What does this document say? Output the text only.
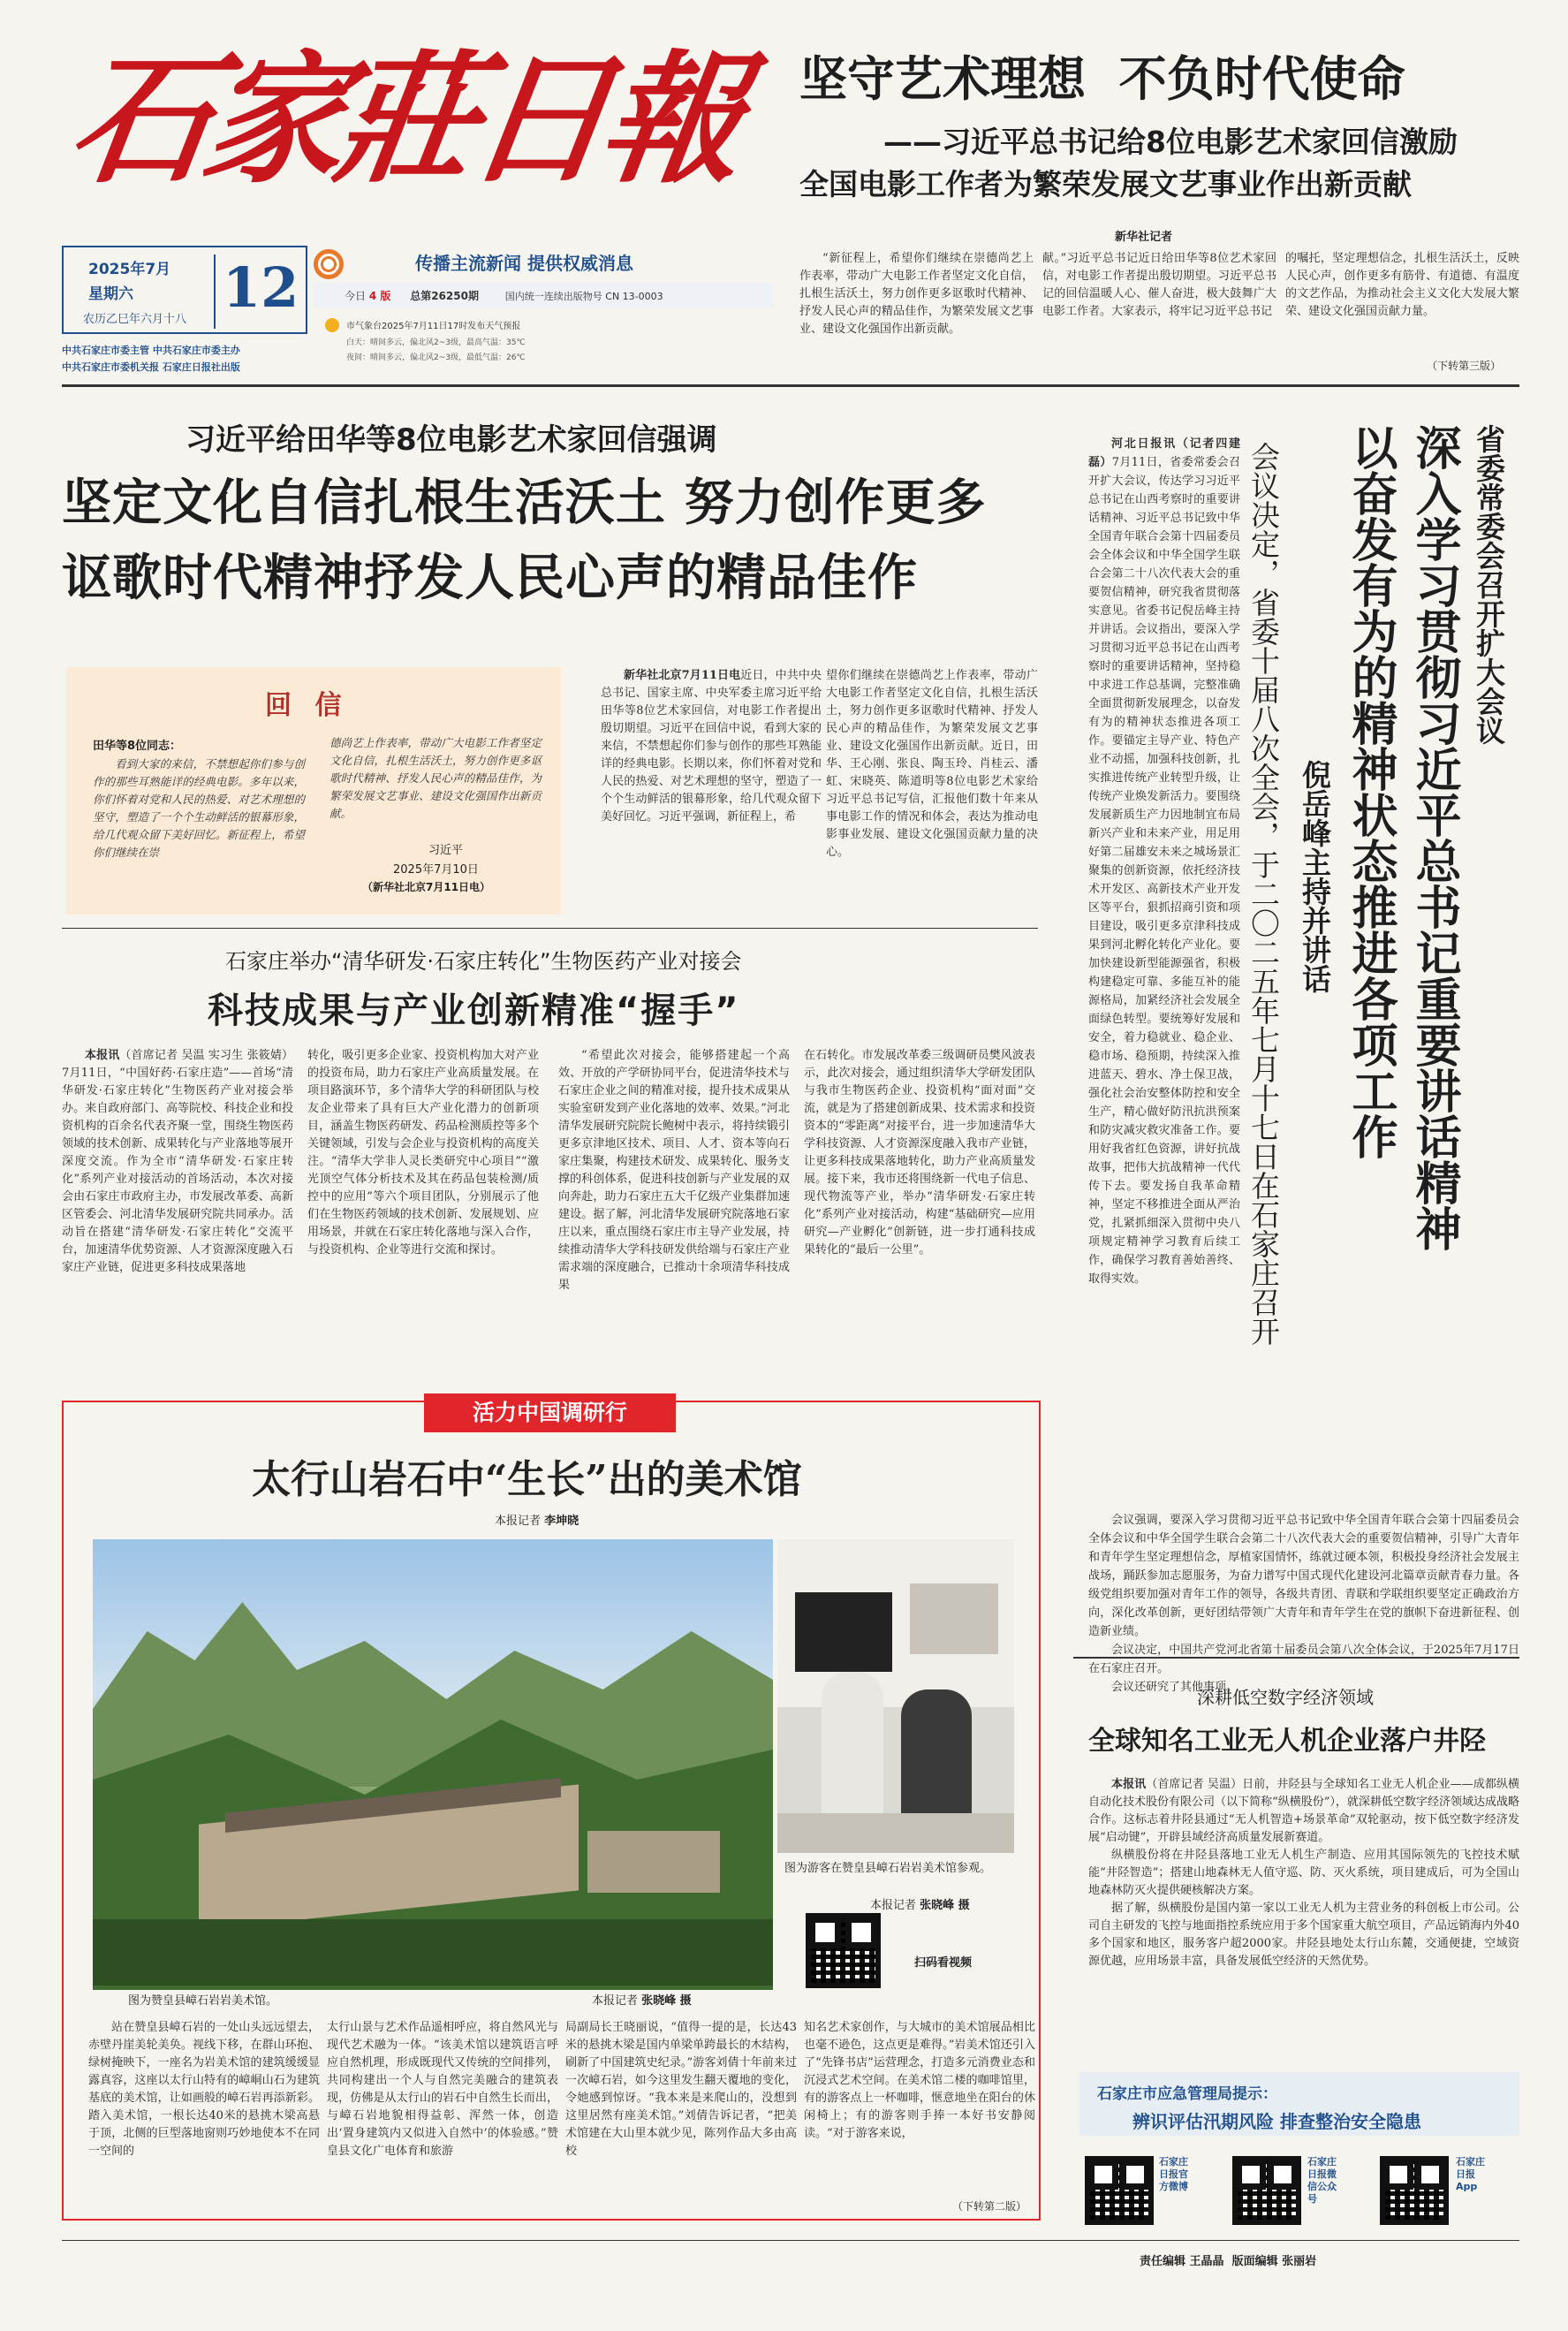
石家莊日報	坚守艺术理想  不负时代使命
——习近平总书记给8位电影艺术家回信激励
全国电影工作者为繁荣发展文艺事业作出新贡献
新华社记者
2025年7月
星期六
农历乙巳年六月十八 12
中共石家庄市委主管 中共石家庄市委主办
中共石家庄市委机关报 石家庄日报社出版
传播主流新闻 提供权威消息
今日 4 版 总第26250期	国内统一连续出版物号 CN 13-0003
市气象台2025年7月11日17时发布天气预报
白天：晴间多云，偏北风2~3级，最高气温：35℃
夜间：晴间多云，偏北风2~3级，最低气温：26℃
“新征程上，希望你们继续在崇德尚艺上作表率，带动广大电影工作者坚定文化自信，扎根生活沃土，努力创作更多讴歌时代精神、抒发人民心声的精品佳作，为繁荣发展文艺事业、建设文化强国作出新贡献。
献。”习近平总书记近日给田华等8位艺术家回信，对电影工作者提出殷切期望。习近平总书记的回信温暖人心、催人奋进，极大鼓舞广大电影工作者。大家表示，将牢记习近平总书记
的嘱托，坚定理想信念，扎根生活沃土，反映人民心声，创作更多有筋骨、有道德、有温度的文艺作品，为推动社会主义文化大发展大繁荣、建设文化强国贡献力量。
（下转第三版）
习近平给田华等8位电影艺术家回信强调
坚定文化自信扎根生活沃土 努力创作更多
讴歌时代精神抒发人民心声的精品佳作
回 信
田华等8位同志：
看到大家的来信，不禁想起你们参与创作的那些耳熟能详的经典电影。多年以来，你们怀着对党和人民的热爱、对艺术理想的坚守，塑造了一个个生动鲜活的银幕形象，给几代观众留下美好回忆。新征程上，希望你们继续在崇
德尚艺上作表率，带动广大电影工作者坚定文化自信，扎根生活沃土，努力创作更多讴歌时代精神、抒发人民心声的精品佳作，为繁荣发展文艺事业、建设文化强国作出新贡献。
习近平
2025年7月10日
（新华社北京7月11日电）
新华社北京7月11日电近日，中共中央总书记、国家主席、中央军委主席习近平给田华等8位艺术家回信，对电影工作者提出殷切期望。习近平在回信中说，看到大家的来信，不禁想起你们参与创作的那些耳熟能详的经典电影。长期以来，你们怀着对党和人民的热爱、对艺术理想的坚守，塑造了一个个生动鲜活的银幕形象，给几代观众留下美好回忆。习近平强调，新征程上，希
望你们继续在崇德尚艺上作表率，带动广大电影工作者坚定文化自信，扎根生活沃土，努力创作更多讴歌时代精神、抒发人民心声的精品佳作，为繁荣发展文艺事业、建设文化强国作出新贡献。近日，田华、王心刚、张良、陶玉玲、肖桂云、潘虹、宋晓英、陈道明等8位电影艺术家给习近平总书记写信，汇报他们数十年来从事电影工作的情况和体会，表达为推动电影事业发展、建设文化强国贡献力量的决心。
省委常委会召开扩大会议
深入学习贯彻习近平总书记重要讲话精神
以奋发有为的精神状态推进各项工作
倪岳峰主持并讲话
会议决定，省委十届八次全会，于二〇二五年七月十七日在石家庄召开
河北日报讯（记者四建磊）7月11日，省委常委会召开扩大会议，传达学习习近平总书记在山西考察时的重要讲话精神、习近平总书记致中华全国青年联合会第十四届委员会全体会议和中华全国学生联合会第二十八次代表大会的重要贺信精神，研究我省贯彻落实意见。省委书记倪岳峰主持并讲话。会议指出，要深入学习贯彻习近平总书记在山西考察时的重要讲话精神，坚持稳中求进工作总基调，完整准确全面贯彻新发展理念，以奋发有为的精神状态推进各项工作。要锚定主导产业、特色产业不动摇，加强科技创新，扎实推进传统产业转型升级，让传统产业焕发新活力。要围绕发展新质生产力因地制宜布局新兴产业和未来产业，用足用好第二届雄安未来之城场景汇聚集的创新资源，依托经济技术开发区、高新技术产业开发区等平台，狠抓招商引资和项目建设，吸引更多京津科技成果到河北孵化转化产业化。要加快建设新型能源强省，积极构建稳定可靠、多能互补的能源格局，加紧经济社会发展全面绿色转型。要统筹好发展和安全，着力稳就业、稳企业、稳市场、稳预期，持续深入推进蓝天、碧水、净土保卫战，强化社会治安整体防控和安全生产，精心做好防汛抗洪预案和防灾减灾救灾准备工作。要用好我省红色资源，讲好抗战故事，把伟大抗战精神一代代传下去。要发扬自我革命精神，坚定不移推进全面从严治党，扎紧抓细深入贯彻中央八项规定精神学习教育后续工作，确保学习教育善始善终、取得实效。

会议强调，要深入学习贯彻习近平总书记致中华全国青年联合会第十四届委员会全体会议和中华全国学生联合会第二十八次代表大会的重要贺信精神，引导广大青年和青年学生坚定理想信念，厚植家国情怀，练就过硬本领，积极投身经济社会发展主战场，踊跃参加志愿服务，为奋力谱写中国式现代化建设河北篇章贡献青春力量。各级党组织要加强对青年工作的领导，各级共青团、青联和学联组织要坚定正确政治方向，深化改革创新，更好团结带领广大青年和青年学生在党的旗帜下奋进新征程、创造新业绩。

会议决定，中国共产党河北省第十届委员会第八次全体会议，于2025年7月17日在石家庄召开。

会议还研究了其他事项。

石家庄举办“清华研发·石家庄转化”生物医药产业对接会
科技成果与产业创新精准“握手”
本报讯（首席记者 吴温 实习生 张筱婧）7月11日，“中国好药·石家庄造”——首场“清华研发·石家庄转化”生物医药产业对接会举办。来自政府部门、高等院校、科技企业和投资机构的百余名代表齐聚一堂，围绕生物医药领域的技术创新、成果转化与产业落地等展开深度交流。作为全市“清华研发·石家庄转化”系列产业对接活动的首场活动，本次对接会由石家庄市政府主办，市发展改革委、高新区管委会、河北清华发展研究院共同承办。活动旨在搭建“清华研发·石家庄转化”交流平台，加速清华优势资源、人才资源深度融入石家庄产业链，促进更多科技成果落地
转化，吸引更多企业家、投资机构加大对产业的投资布局，助力石家庄产业高质量发展。在项目路演环节，多个清华大学的科研团队与校友企业带来了具有巨大产业化潜力的创新项目，涵盖生物医药研发、药品检测质控等多个关键领域，引发与会企业与投资机构的高度关注。“清华大学非人灵长类研究中心项目”“激光顶空气体分析技术及其在药品包装检测/质控中的应用”等六个项目团队，分别展示了他们在生物医药领域的技术创新、发展规划、应用场景，并就在石家庄转化落地与深入合作，与投资机构、企业等进行交流和探讨。
“希望此次对接会，能够搭建起一个高效、开放的产学研协同平台，促进清华技术与石家庄企业之间的精准对接，提升技术成果从实验室研发到产业化落地的效率、效果。”河北清华发展研究院院长鲍树中表示，将持续锻引更多京津地区技术、项目、人才、资本等向石家庄集聚，构建技术研发、成果转化、服务支撑的科创体系，促进科技创新与产业发展的双向奔赴，助力石家庄五大千亿级产业集群加速建设。据了解，河北清华发展研究院落地石家庄以来，重点围绕石家庄市主导产业发展，持续推动清华大学科技研发供给端与石家庄产业需求端的深度融合，已推动十余项清华科技成果
在石转化。市发展改革委三级调研员樊风波表示，此次对接会，通过组织清华大学研发团队与我市生物医药企业、投资机构“面对面”交流，就是为了搭建创新成果、技术需求和投资资本的“零距离”对接平台，进一步加速清华大学科技资源、人才资源深度融入我市产业链，让更多科技成果落地转化，助力产业高质量发展。接下来，我市还将围绕新一代电子信息、现代物流等产业，举办“清华研发·石家庄转化”系列产业对接活动，构建“基础研究—应用研究—产业孵化”创新链，进一步打通科技成果转化的“最后一公里”。
活力中国调研行
太行山岩石中“生长”出的美术馆
本报记者 李坤晓
图为赞皇县嶂石岩岩美术馆。	本报记者 张晓峰 摄
图为游客在赞皇县嶂石岩岩美术馆参观。
本报记者 张晓峰 摄
扫码看视频
站在赞皇县嶂石岩的一处山头远远望去，赤壁丹崖美轮美奂。视线下移，在群山环抱、绿树掩映下，一座名为岩美术馆的建筑缓缓显露真容，这座以太行山特有的嶂峒山石为建筑基底的美术馆，让如画般的嶂石岩再添新彩。踏入美术馆，一根长达40米的悬挑木梁高悬于顶，北侧的巨型落地窗则巧妙地使本不在同一空间的
太行山景与艺术作品遥相呼应，将自然风光与现代艺术融为一体。“该美术馆以建筑语言呼应自然机理，形成既现代又传统的空间排列，共同构建出一个人与自然完美融合的建筑表现，仿佛是从太行山的岩石中自然生长而出，与嶂石岩地貌相得益彰、浑然一体，创造出‘置身建筑内又似进入自然中’的体验感。”赞皇县文化广电体育和旅游
局副局长王晓丽说，“值得一提的是，长达43米的悬挑木梁是国内单梁单跨最长的木结构，刷新了中国建筑史纪录。”游客刘倩十年前来过一次嶂石岩，如今这里发生翻天覆地的变化，令她感到惊讶。“我本来是来爬山的，没想到这里居然有座美术馆。”刘倩告诉记者，“把美术馆建在大山里本就少见，陈列作品大多由高校
知名艺术家创作，与大城市的美术馆展品相比也毫不逊色，这点更是难得。”岩美术馆还引入了“先锋书店”运营理念，打造多元消费业态和沉浸式艺术空间。在美术馆二楼的咖啡馆里，有的游客点上一杯咖啡，惬意地坐在阳台的休闲椅上；有的游客则手捧一本好书安静阅读。“对于游客来说，
（下转第二版）
深耕低空数字经济领域
全球知名工业无人机企业落户井陉

本报讯（首席记者 吴温）日前，井陉县与全球知名工业无人机企业——成都纵横自动化技术股份有限公司（以下简称“纵横股份”），就深耕低空数字经济领域达成战略合作。这标志着井陉县通过“无人机智造+场景革命”双轮驱动，按下低空数字经济发展“启动键”，开辟县域经济高质量发展新赛道。

纵横股份将在井陉县落地工业无人机生产制造、应用其国际领先的飞控技术赋能“井陉智造”；搭建山地森林无人值守巡、防、灭火系统，项目建成后，可为全国山地森林防灭火提供硬核解决方案。

据了解，纵横股份是国内第一家以工业无人机为主营业务的科创板上市公司。公司自主研发的飞控与地面指控系统应用于多个国家重大航空项目，产品远销海内外40多个国家和地区，服务客户超2000家。井陉县地处太行山东麓，交通便捷，空域资源优越，应用场景丰富，具备发展低空经济的天然优势。

石家庄市应急管理局提示：
辨识评估汛期风险 排查整治安全隐患
石家庄日报官方微博
石家庄日报微信公众号
石家庄日报App
责任编辑 王晶晶  版面编辑 张丽岩
